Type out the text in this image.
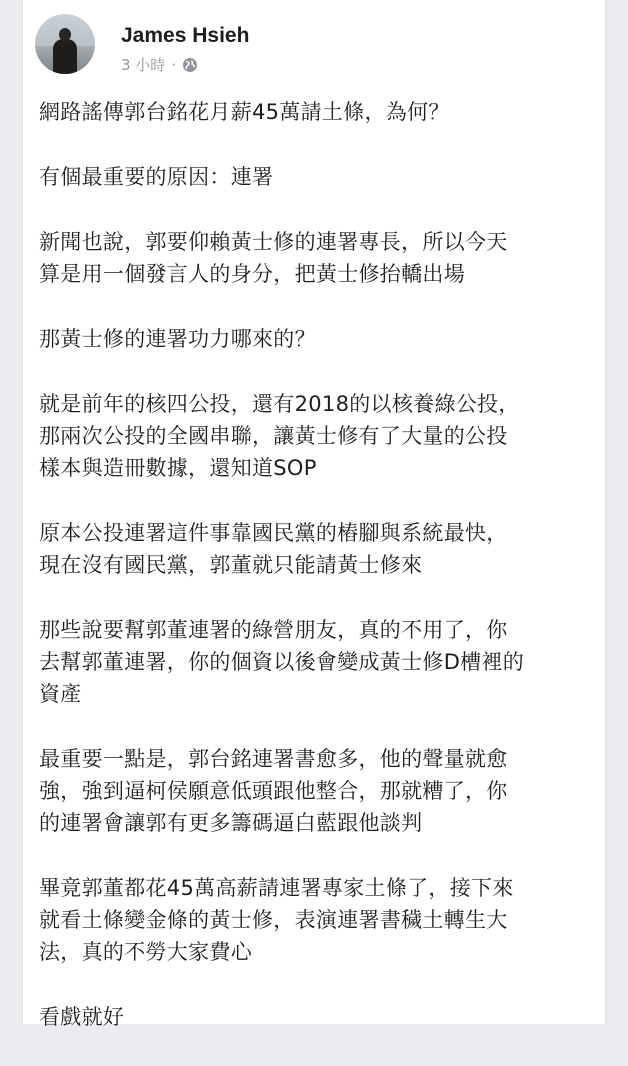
James Hsieh
3 小時 ·

網路謠傳郭台銘花月薪45萬請土條，為何？

有個最重要的原因：連署

新聞也說，郭要仰賴黃士修的連署專長，所以今天
算是用一個發言人的身分，把黃士修抬轎出場

那黃士修的連署功力哪來的？

就是前年的核四公投，還有2018的以核養綠公投，
那兩次公投的全國串聯，讓黃士修有了大量的公投
樣本與造冊數據，還知道SOP

原本公投連署這件事靠國民黨的樁腳與系統最快，
現在沒有國民黨，郭董就只能請黃士修來

那些說要幫郭董連署的綠營朋友，真的不用了，你
去幫郭董連署，你的個資以後會變成黃士修D槽裡的
資產

最重要一點是，郭台銘連署書愈多，他的聲量就愈
強，強到逼柯侯願意低頭跟他整合，那就糟了，你
的連署會讓郭有更多籌碼逼白藍跟他談判

畢竟郭董都花45萬高薪請連署專家土條了，接下來
就看土條變金條的黃士修，表演連署書穢土轉生大
法，真的不勞大家費心

看戲就好
